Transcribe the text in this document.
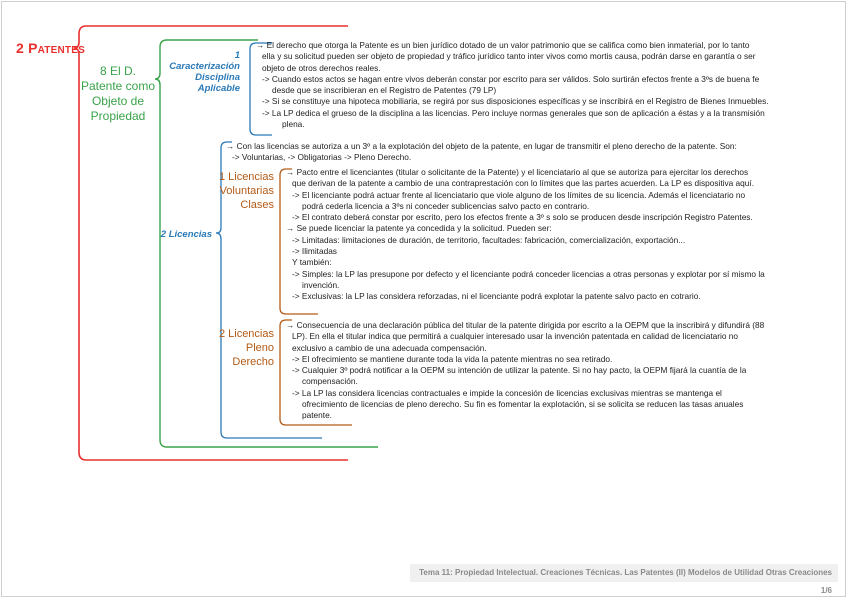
2 Patentes
8 El D. Patente como Objeto de Propiedad
1 Caracterización Disciplina Aplicable
2 Licencias
1 Licencias Voluntarias Clases
2 Licencias Pleno Derecho

→ El derecho que otorga la Patente es un bien jurídico dotado de un valor patrimonio que se califica como bien inmaterial, por lo tanto

ella y su solicitud pueden ser objeto de propiedad y tráfico jurídico tanto inter vivos como mortis causa, podrán darse en garantía o ser

objeto de otros derechos reales.

-> Cuando estos actos se hagan entre vivos deberán constar por escrito para ser válidos. Solo surtirán efectos frente a 3ºs de buena fe

desde que se inscribieran en el Registro de Patentes (79 LP)

-> Si se constituye una hipoteca mobiliaria, se regirá por sus disposiciones específicas y se inscribirá en el Registro de Bienes Inmuebles.

-> La LP dedica el grueso de la disciplina a las licencias. Pero incluye normas generales que son de aplicación a éstas y a la transmisión

plena.

→ Con las licencias se autoriza a un 3º a la explotación del objeto de la patente, en lugar de transmitir el pleno derecho de la patente. Son:

-> Voluntarias, -> Obligatorias -> Pleno Derecho.

→ Pacto entre el licenciantes (titular o solicitante de la Patente) y el licenciatario al que se autoriza para ejercitar los derechos

que derivan de la patente a cambio de una contraprestación con lo límites que las partes acuerden. La LP es dispositiva aquí.

-> El licenciante podrá actuar frente al licenciatario que viole alguno de los límites de su licencia. Además el licenciatario no

podrá cederla licencia a 3ºs ni conceder sublicencias salvo pacto en contrario.

-> El contrato deberá constar por escrito, pero los efectos frente a 3º s solo se producen desde inscripción Registro Patentes.

→ Se puede licenciar la patente ya concedida y la solicitud. Pueden ser:

-> Limitadas: limitaciones de duración, de territorio, facultades: fabricación, comercialización, exportación...

-> Ilimitadas

Y también:

-> Simples: la LP las presupone por defecto y el licenciante podrá conceder licencias a otras personas y explotar por sí mismo la

invención.

-> Exclusivas: la LP las considera reforzadas, ni el licenciante podrá explotar la patente salvo pacto en cotrario.

→ Consecuencia de una declaración pública del titular de la patente dirigida por escrito a la OEPM que la inscribirá y difundirá (88

LP). En ella el titular indica que permitirá a cualquier interesado usar la invención patentada en calidad de licenciatario no

exclusivo a cambio de una adecuada compensación.

-> El ofrecimiento se mantiene durante toda la vida la patente mientras no sea retirado.

-> Cualquier 3º podrá notificar a la OEPM su intención de utilizar la patente. Si no hay pacto, la OEPM fijará la cuantía de la

compensación.

-> La LP las considera licencias contractuales e impide la concesión de licencias exclusivas mientras se mantenga el

ofrecimiento de licencias de pleno derecho. Su fin es fomentar la explotación, si se solicita se reducen las tasas anuales

patente.

Tema 11: Propiedad Intelectual. Creaciones Técnicas. Las Patentes (II) Modelos de Utilidad Otras Creaciones 1/6
